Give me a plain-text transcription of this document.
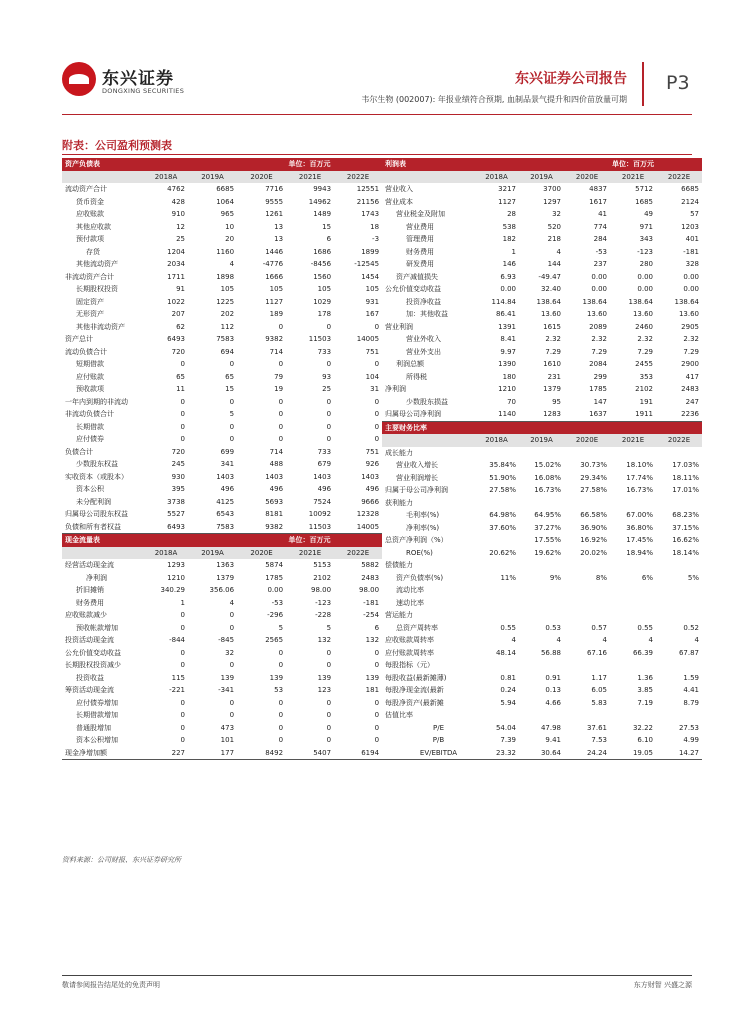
东兴证券
DONGXING SECURITIES
东兴证券公司报告 P3
韦尔生物 (002007): 年报业绩符合预期, 血制品景气提升和四价苗放量可期
附表：公司盈利预测表
资产负债表			单位：百万元		
	2018A	2019A	2020E	2021E	2022E
流动资产合计	4762	6685	7716	9943	12551
货币资金	428	1064	9555	14962	21156
应收账款	910	965	1261	1489	1743
其他应收款	12	10	13	15	18
预付款项	25	20	13	6	-3
存货	1204	1160	1446	1686	1899
其他流动资产	2034	4	-4776	-8456	-12545
非流动资产合计	1711	1898	1666	1560	1454
长期股权投资	91	105	105	105	105
固定资产	1022	1225	1127	1029	931
无形资产	207	202	189	178	167
其他非流动资产	62	112	0	0	0
资产总计	6493	7583	9382	11503	14005
流动负债合计	720	694	714	733	751
短期借款	0	0	0	0	0
应付账款	65	65	79	93	104
预收款项	11	15	19	25	31
一年内到期的非流动	0	0	0	0	0
非流动负债合计	0	5	0	0	0
长期借款	0	0	0	0	0
应付债券	0	0	0	0	0
负债合计	720	699	714	733	751
少数股东权益	245	341	488	679	926
实收资本（或股本）	930	1403	1403	1403	1403
资本公积	395	496	496	496	496
未分配利润	3738	4125	5693	7524	9666
归属母公司股东权益	5527	6543	8181	10092	12328
负债和所有者权益	6493	7583	9382	11503	14005
现金流量表			单位：百万元		
	2018A	2019A	2020E	2021E	2022E
经营活动现金流	1293	1363	5874	5153	5882
净利润	1210	1379	1785	2102	2483
折旧摊销	340.29	356.06	0.00	98.00	98.00
财务费用	1	4	-53	-123	-181
应收账款减少	0	0	-296	-228	-254
预收帐款增加	0	0	5	5	6
投资活动现金流	-844	-845	2565	132	132
公允价值变动收益	0	32	0	0	0
长期股权投资减少	0	0	0	0	0
投资收益	115	139	139	139	139
筹资活动现金流	-221	-341	53	123	181
应付债券增加	0	0	0	0	0
长期借款增加	0	0	0	0	0
普通股增加	0	473	0	0	0
资本公积增加	0	101	0	0	0
现金净增加额	227	177	8492	5407	6194
利润表			单位：百万元		
	2018A	2019A	2020E	2021E	2022E
营业收入	3217	3700	4837	5712	6685
营业成本	1127	1297	1617	1685	2124
营业税金及附加	28	32	41	49	57
营业费用	538	520	774	971	1203
管理费用	182	218	284	343	401
财务费用	1	4	-53	-123	-181
研发费用	146	144	237	280	328
资产减值损失	6.93	-49.47	0.00	0.00	0.00
公允价值变动收益	0.00	32.40	0.00	0.00	0.00
投资净收益	114.84	138.64	138.64	138.64	138.64
加：其他收益	86.41	13.60	13.60	13.60	13.60
营业利润	1391	1615	2089	2460	2905
营业外收入	8.41	2.32	2.32	2.32	2.32
营业外支出	9.97	7.29	7.29	7.29	7.29
利润总额	1390	1610	2084	2455	2900
所得税	180	231	299	353	417
净利润	1210	1379	1785	2102	2483
少数股东损益	70	95	147	191	247
归属母公司净利润	1140	1283	1637	1911	2236
主要财务比率					
	2018A	2019A	2020E	2021E	2022E
成长能力					
营业收入增长	35.84%	15.02%	30.73%	18.10%	17.03%
营业利润增长	51.90%	16.08%	29.34%	17.74%	18.11%
归属于母公司净利润	27.58%	16.73%	27.58%	16.73%	17.01%
获利能力					
毛利率(%)	64.98%	64.95%	66.58%	67.00%	68.23%
净利率(%)	37.60%	37.27%	36.90%	36.80%	37.15%
总资产净利润（%）		17.55%	16.92%	17.45%	16.62%
ROE(%)	20.62%	19.62%	20.02%	18.94%	18.14%
偿债能力					
资产负债率(%)	11%	9%	8%	6%	5%
流动比率					
速动比率					
营运能力					
总资产周转率	0.55	0.53	0.57	0.55	0.52
应收账款周转率	4	4	4	4	4
应付账款周转率	48.14	56.88	67.16	66.39	67.87
每股指标（元）					
每股收益(最新摊薄)	0.81	0.91	1.17	1.36	1.59
每股净现金流(最新	0.24	0.13	6.05	3.85	4.41
每股净资产(最新摊	5.94	4.66	5.83	7.19	8.79
估值比率					
P/E	54.04	47.98	37.61	32.22	27.53
P/B	7.39	9.41	7.53	6.10	4.99
EV/EBITDA	23.32	30.64	24.24	19.05	14.27
资料来源：公司财报、东兴证券研究所
敬请参阅报告结尾处的免责声明	东方财智 兴盛之源
